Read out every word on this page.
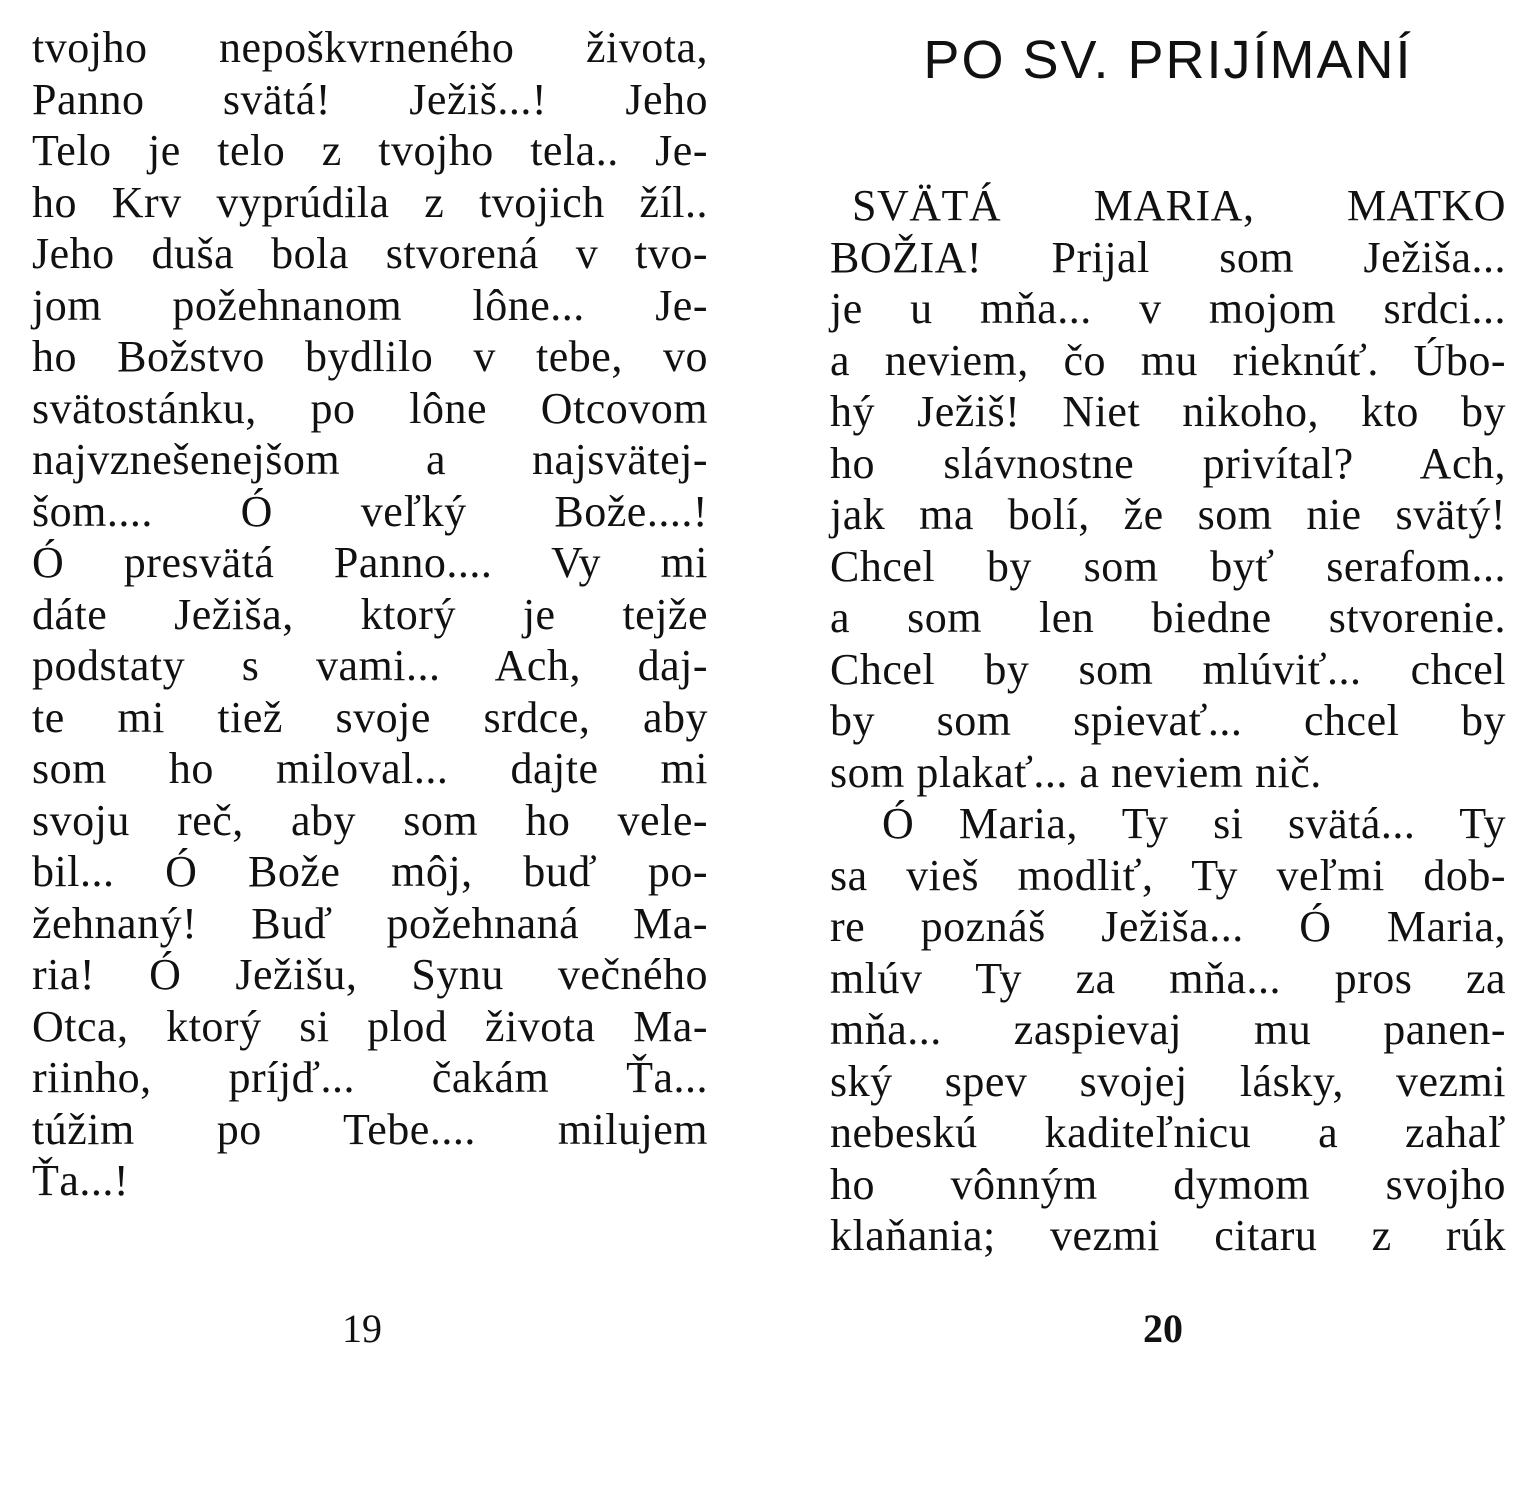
tvojho nepoškvrneného života,
Panno svätá! Ježiš...! Jeho
Telo je telo z tvojho tela.. Je-
ho Krv vyprúdila z tvojich žíl..
Jeho duša bola stvorená v tvo-
jom požehnanom lône... Je-
ho Božstvo bydlilo v tebe, vo
svätostánku, po lône Otcovom
najvznešenejšom a najsvätej-
šom.... Ó veľký Bože....!
Ó presvätá Panno.... Vy mi
dáte Ježiša, ktorý je tejže
podstaty s vami... Ach, daj-
te mi tiež svoje srdce, aby
som ho miloval... dajte mi
svoju reč, aby som ho vele-
bil... Ó Bože môj, buď po-
žehnaný! Buď požehnaná Ma-
ria! Ó Ježišu, Synu večného
Otca, ktorý si plod života Ma-
riinho, príjď... čakám Ťa...
túžim po Tebe.... milujem
Ťa...!
19
PO SV. PRIJÍMANÍ
SVÄTÁ MARIA, MATKO
BOŽIA! Prijal som Ježiša...
je u mňa... v mojom srdci...
a neviem, čo mu rieknúť. Úbo-
hý Ježiš! Niet nikoho, kto by
ho slávnostne privítal? Ach,
jak ma bolí, že som nie svätý!
Chcel by som byť serafom...
a som len biedne stvorenie.
Chcel by som mlúviť... chcel
by som spievať... chcel by
som plakať... a neviem nič.
Ó Maria, Ty si svätá... Ty
sa vieš modliť, Ty veľmi dob-
re poznáš Ježiša... Ó Maria,
mlúv Ty za mňa... pros za
mňa... zaspievaj mu panen-
ský spev svojej lásky, vezmi
nebeskú kaditeľnicu a zahaľ
ho vônným dymom svojho
klaňania; vezmi citaru z rúk
20
